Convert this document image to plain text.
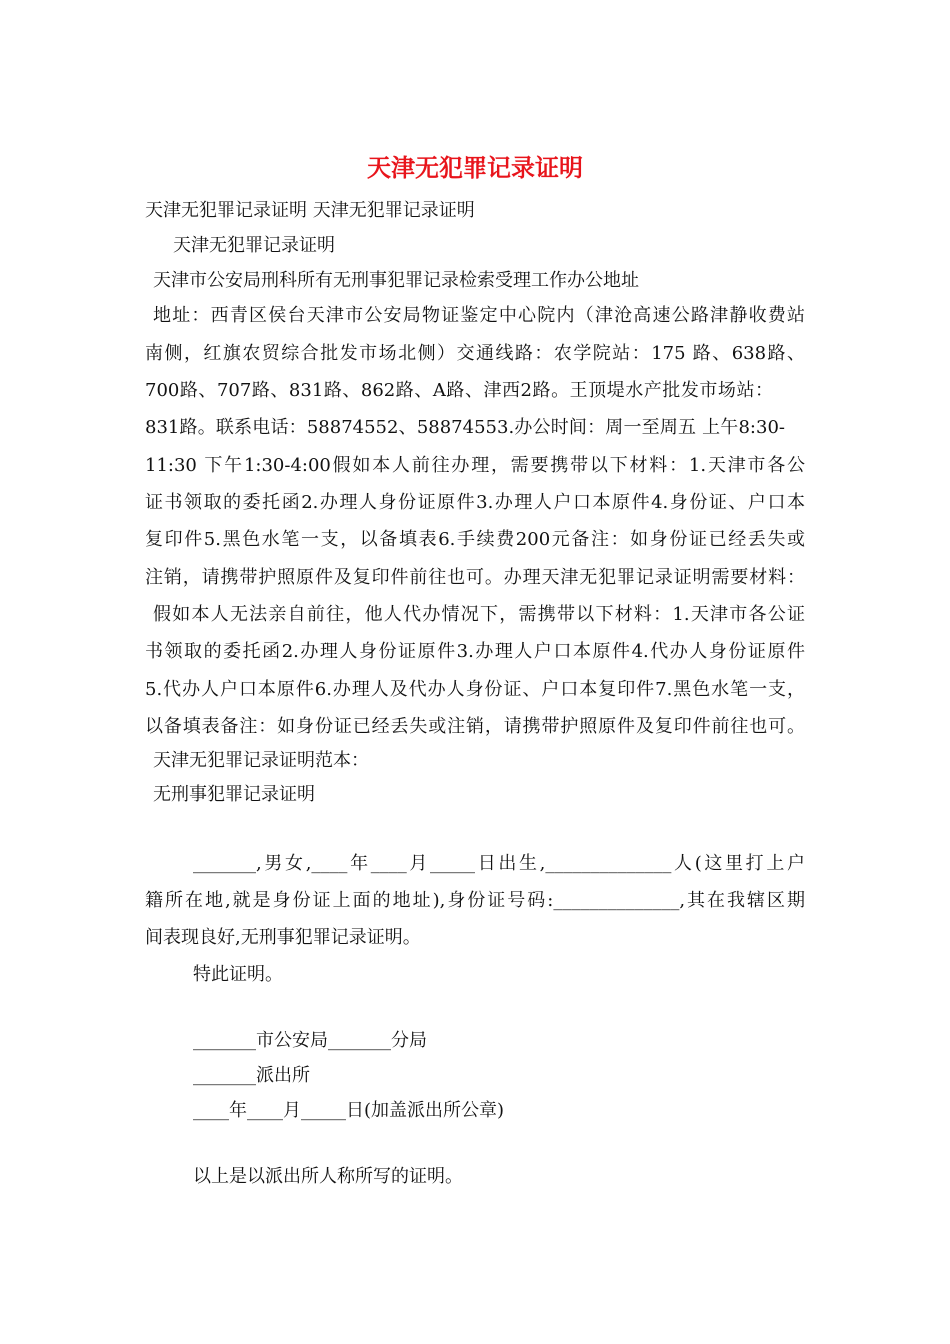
天津无犯罪记录证明
天津无犯罪记录证明 天津无犯罪记录证明
天津无犯罪记录证明
天津市公安局刑科所有无刑事犯罪记录检索受理工作办公地址
地址：西青区侯台天津市公安局物证鉴定中心院内（津沧高速公路津静收费站
南侧，红旗农贸综合批发市场北侧）交通线路：农学院站：175 路、638路、
700路、707路、831路、862路、A路、津西2路。王顶堤水产批发市场站：
831路。联系电话：58874552、58874553.办公时间：周一至周五 上午8:30-
11:30 下午1:30-4:00假如本人前往办理，需要携带以下材料：1.天津市各公
证书领取的委托函2.办理人身份证原件3.办理人户口本原件4.身份证、户口本
复印件5.黑色水笔一支，以备填表6.手续费200元备注：如身份证已经丢失或
注销，请携带护照原件及复印件前往也可。办理天津无犯罪记录证明需要材料：
假如本人无法亲自前往，他人代办情况下，需携带以下材料：1.天津市各公证
书领取的委托函2.办理人身份证原件3.办理人户口本原件4.代办人身份证原件
5.代办人户口本原件6.办理人及代办人身份证、户口本复印件7.黑色水笔一支，
以备填表备注：如身份证已经丢失或注销，请携带护照原件及复印件前往也可。
天津无犯罪记录证明范本：
无刑事犯罪记录证明
_______,男女,____年____月_____日出生,______________人(这里打上户
籍所在地,就是身份证上面的地址),身份证号码:______________,其在我辖区期
间表现良好,无刑事犯罪记录证明。
特此证明。
_______市公安局_______分局
_______派出所
____年____月_____日(加盖派出所公章)
以上是以派出所人称所写的证明。
